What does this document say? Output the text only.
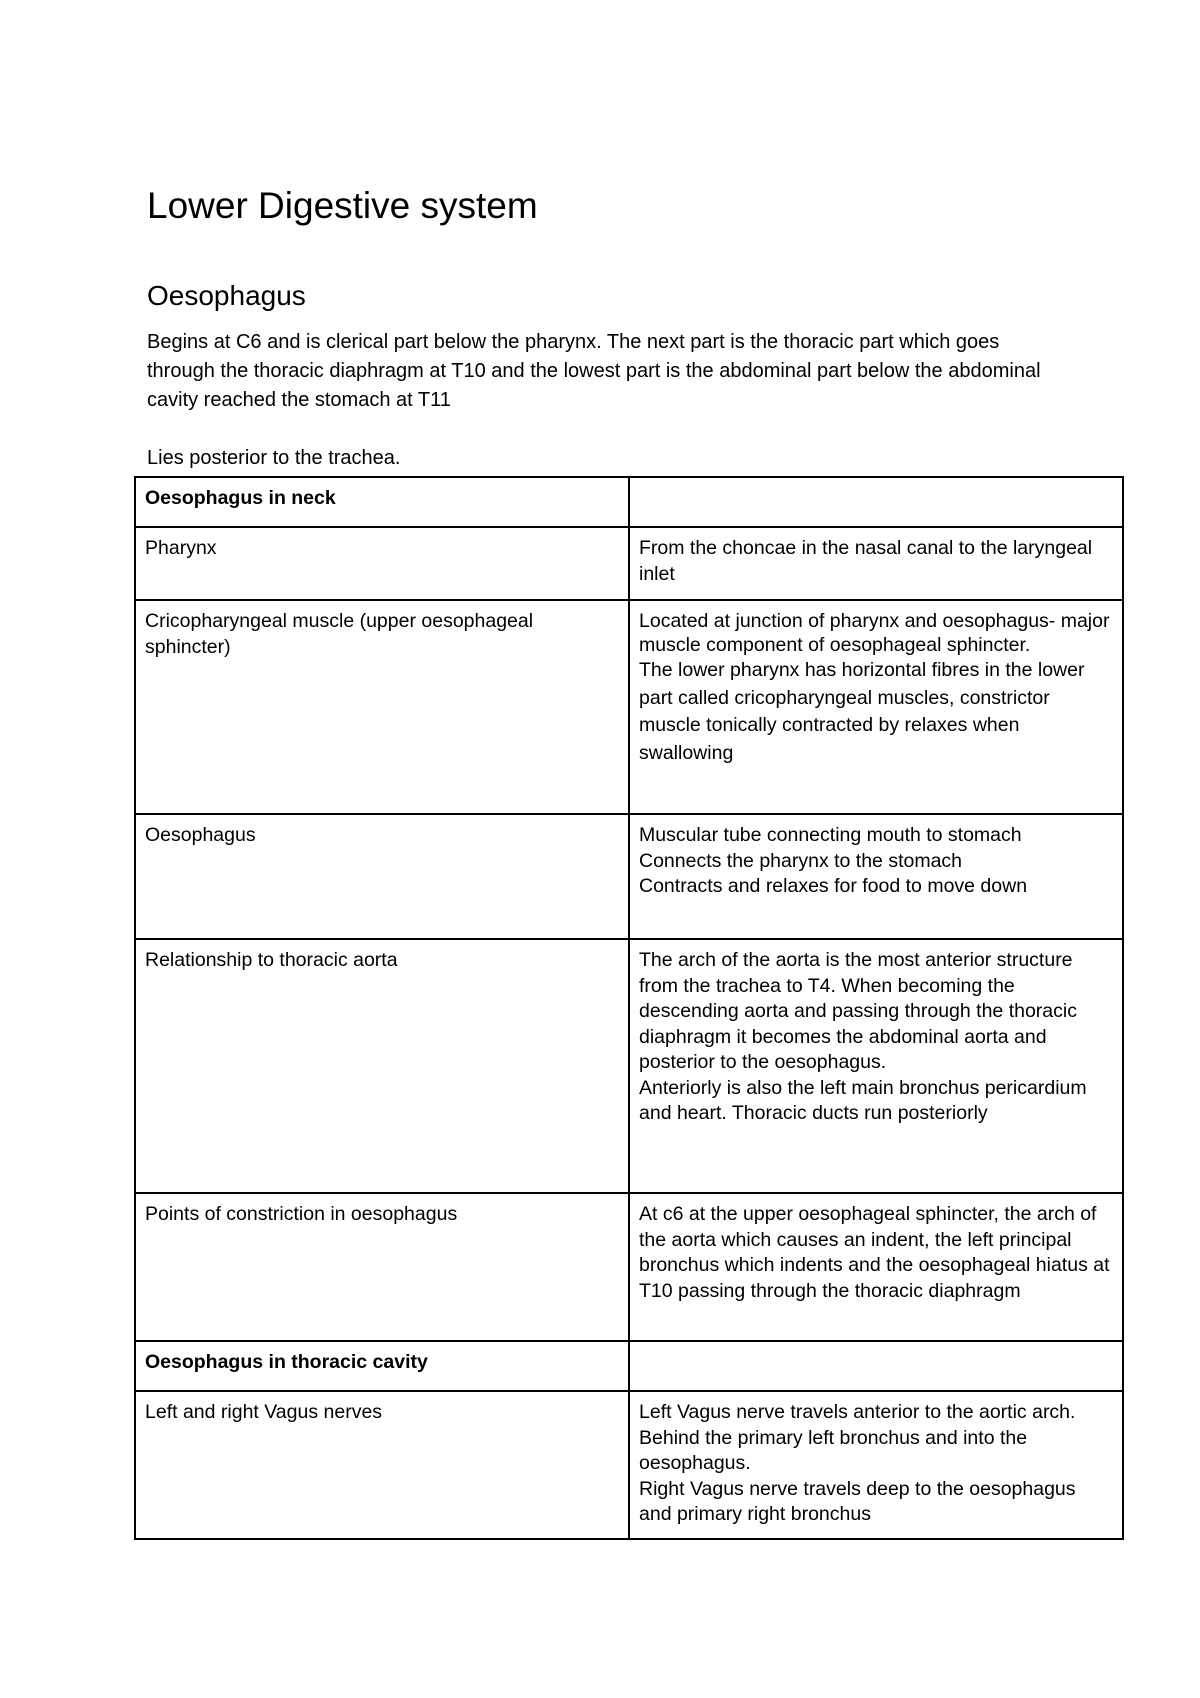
Lower Digestive system
Oesophagus

Begins at C6 and is clerical part below the pharynx. The next part is the thoracic part which goes through the thoracic diaphragm at T10 and the lowest part is the abdominal part below the abdominal cavity reached the stomach at T11

Lies posterior to the trachea.

Oesophagus in neck	
Pharynx	From the choncae in the nasal canal to the laryngeal inlet

Cricopharyngeal muscle (upper oesophageal sphincter)	Located at junction of pharynx and oesophagus- major muscle component of oesophageal sphincter.
The lower pharynx has horizontal fibres in the lower part called cricopharyngeal muscles, constrictor muscle tonically contracted by relaxes when swallowing

Oesophagus	Muscular tube connecting mouth to stomach
Connects the pharynx to the stomach
Contracts and relaxes for food to move down

Relationship to thoracic aorta	The arch of the aorta is the most anterior structure from the trachea to T4. When becoming the descending aorta and passing through the thoracic diaphragm it becomes the abdominal aorta and posterior to the oesophagus.
Anteriorly is also the left main bronchus pericardium and heart. Thoracic ducts run posteriorly

Points of constriction in oesophagus	At c6 at the upper oesophageal sphincter, the arch of the aorta which causes an indent, the left principal bronchus which indents and the oesophageal hiatus at T10 passing through the thoracic diaphragm

Oesophagus in thoracic cavity	
Left and right Vagus nerves	Left Vagus nerve travels anterior to the aortic arch. Behind the primary left bronchus and into the oesophagus.
Right Vagus nerve travels deep to the oesophagus and primary right bronchus
